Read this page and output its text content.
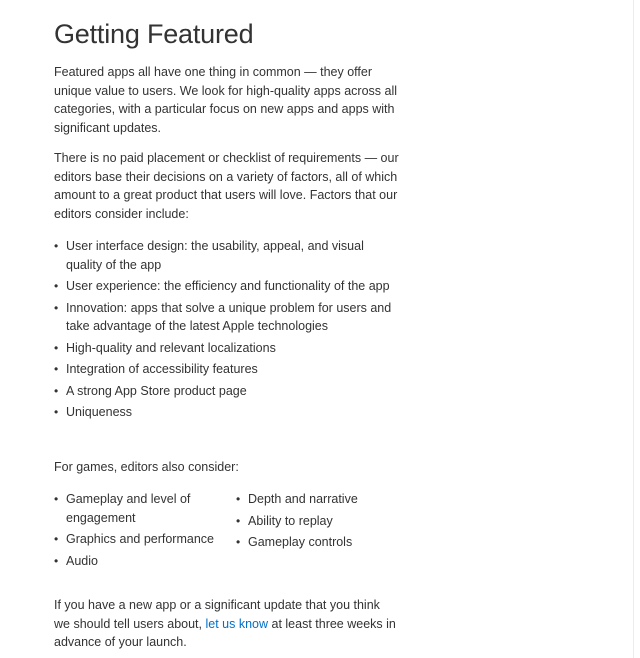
Getting Featured

Featured apps all have one thing in common — they offer unique value to users. We look for high-quality apps across all categories, with a particular focus on new apps and apps with significant updates.

There is no paid placement or checklist of requirements — our editors base their decisions on a variety of factors, all of which amount to a great product that users will love. Factors that our editors consider include:

• User interface design: the usability, appeal, and visual quality of the app
• User experience: the efficiency and functionality of the app
• Innovation: apps that solve a unique problem for users and take advantage of the latest Apple technologies
• High-quality and relevant localizations
• Integration of accessibility features
• A strong App Store product page
• Uniqueness

For games, editors also consider:

• Gameplay and level of engagement
• Graphics and performance
• Audio
• Depth and narrative
• Ability to replay
• Gameplay controls

If you have a new app or a significant update that you think we should tell users about, let us know at least three weeks in advance of your launch.
